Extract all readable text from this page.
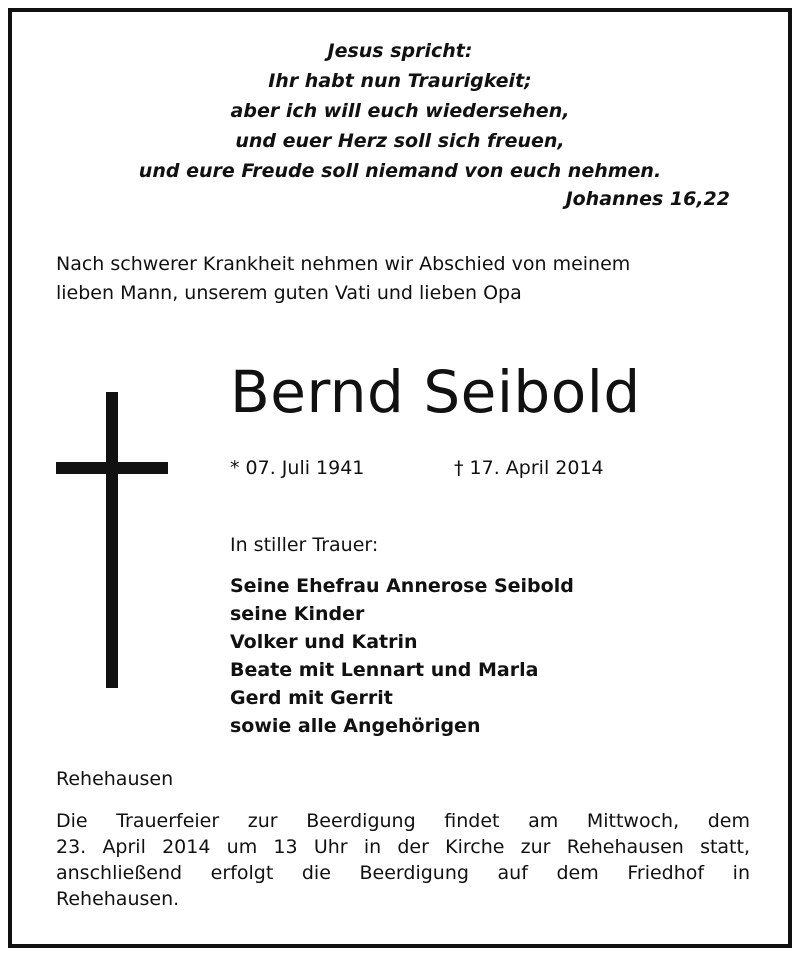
Jesus spricht:
Ihr habt nun Traurigkeit;
aber ich will euch wiedersehen,
und euer Herz soll sich freuen,
und eure Freude soll niemand von euch nehmen.
Johannes 16,22
Nach schwerer Krankheit nehmen wir Abschied von meinem
lieben Mann, unserem guten Vati und lieben Opa
Bernd Seibold
* 07. Juli 1941	† 17. April 2014
In stiller Trauer:
Seine Ehefrau Annerose Seibold
seine Kinder
Volker und Katrin
Beate mit Lennart und Marla
Gerd mit Gerrit
sowie alle Angehörigen
Rehehausen
Die Trauerfeier zur Beerdigung findet am Mittwoch, dem
23. April 2014 um 13 Uhr in der Kirche zur Rehehausen statt,
anschließend erfolgt die Beerdigung auf dem Friedhof in
Rehehausen.
